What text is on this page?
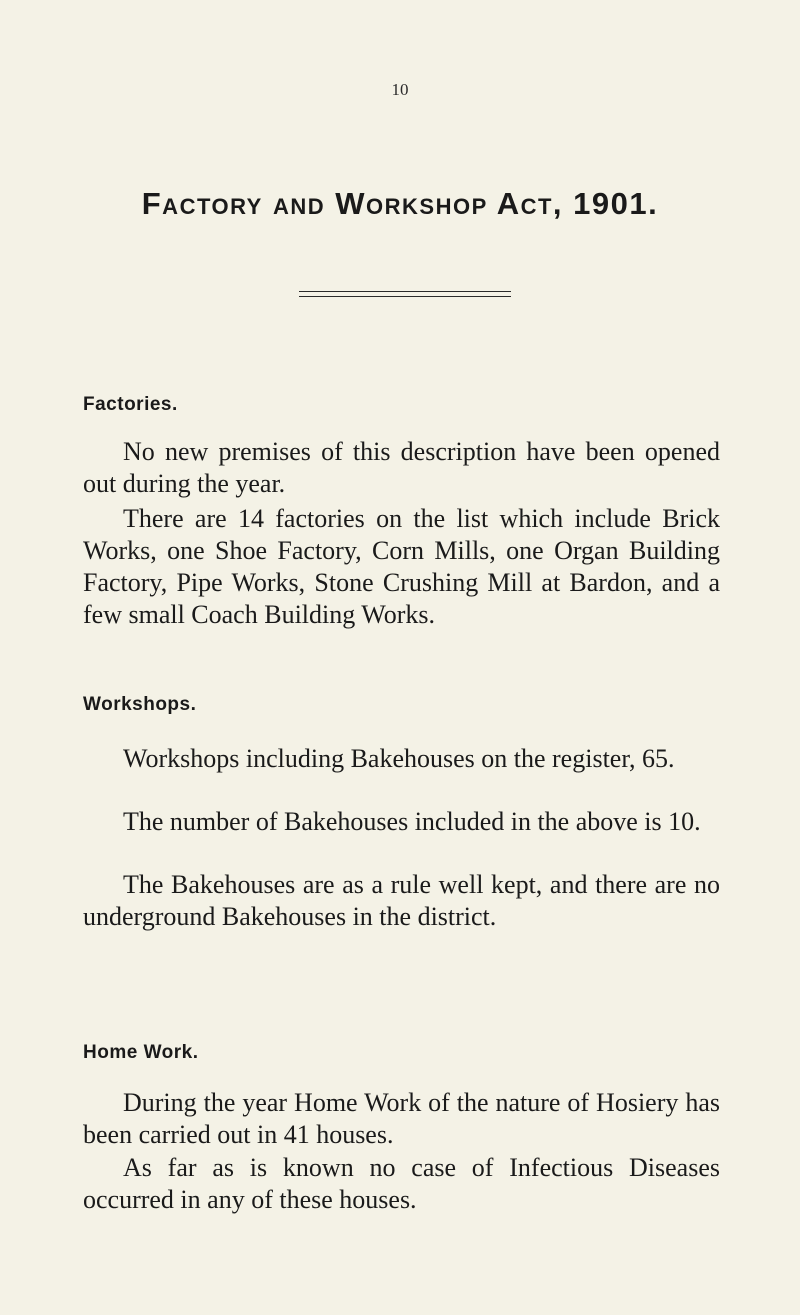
10
Factory and Workshop Act, 1901.
Factories.
No new premises of this description have been opened out during the year.
There are 14 factories on the list which include Brick Works, one Shoe Factory, Corn Mills, one Organ Building Factory, Pipe Works, Stone Crushing Mill at Bardon, and a few small Coach Building Works.
Workshops.
Workshops including Bakehouses on the register, 65.
The number of Bakehouses included in the above is 10.
The Bakehouses are as a rule well kept, and there are no underground Bakehouses in the district.
Home Work.
During the year Home Work of the nature of Hosiery has been carried out in 41 houses.
As far as is known no case of Infectious Diseases occurred in any of these houses.
